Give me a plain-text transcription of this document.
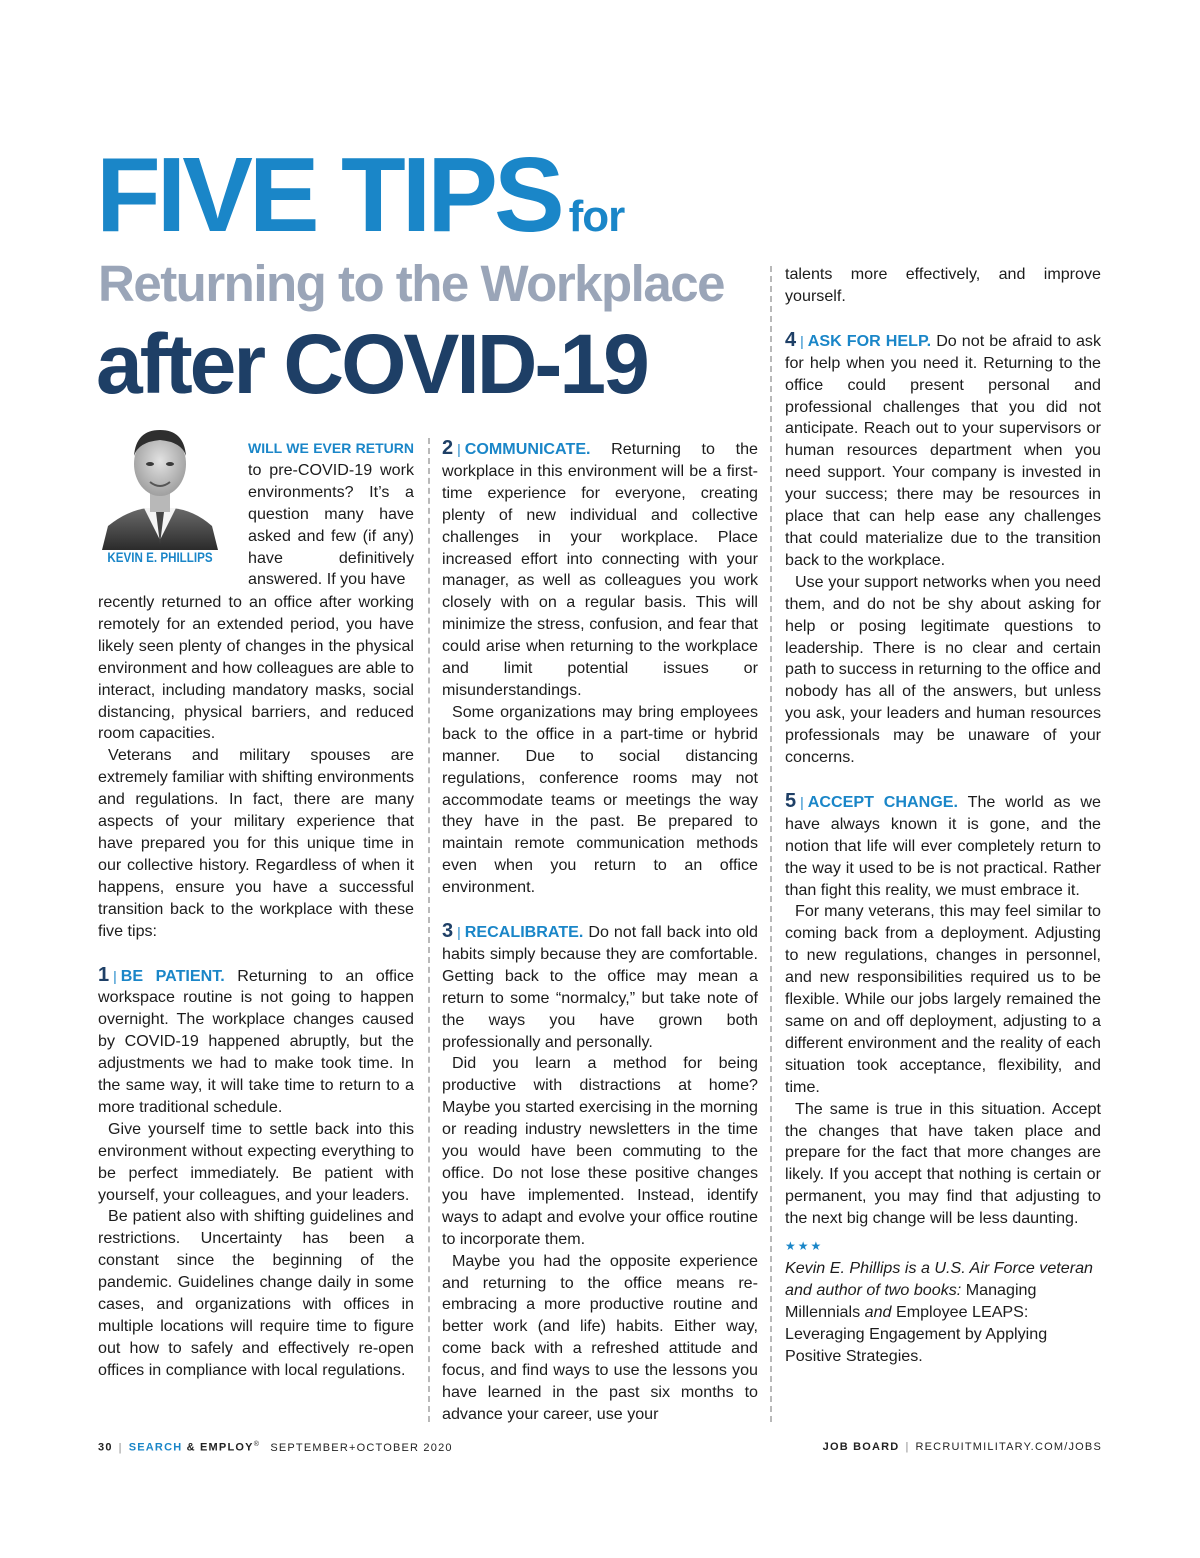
FIVE TIPS for
Returning to the Workplace
after COVID-19
KEVIN E. PHILLIPS
WILL WE EVER RETURN to pre-COVID-19 work environments? It’s a question many have asked and few (if any) have definitively answered. If you have

recently returned to an office after working remotely for an extended period, you have likely seen plenty of changes in the physical environment and how colleagues are able to interact, including mandatory masks, social distancing, physical barriers, and reduced room capacities.

Veterans and military spouses are extremely familiar with shifting environments and regulations. In fact, there are many aspects of your military experience that have prepared you for this unique time in our collective history. Regardless of when it happens, ensure you have a successful transition back to the workplace with these five tips:

1 | BE PATIENT. Returning to an office workspace routine is not going to happen overnight. The workplace changes caused by COVID-19 happened abruptly, but the adjustments we had to make took time. In the same way, it will take time to return to a more traditional schedule.

Give yourself time to settle back into this environment without expecting everything to be perfect immediately. Be patient with yourself, your colleagues, and your leaders.

Be patient also with shifting guidelines and restrictions. Uncertainty has been a constant since the beginning of the pandemic. Guidelines change daily in some cases, and organizations with offices in multiple locations will require time to figure out how to safely and effectively re-open offices in compliance with local regulations.

2 | COMMUNICATE. Returning to the workplace in this environment will be a first-time experience for everyone, creating plenty of new individual and collective challenges in your workplace. Place increased effort into connecting with your manager, as well as colleagues you work closely with on a regular basis. This will minimize the stress, confusion, and fear that could arise when returning to the workplace and limit potential issues or misunderstandings.

Some organizations may bring employees back to the office in a part-time or hybrid manner. Due to social distancing regulations, conference rooms may not accommodate teams or meetings the way they have in the past. Be prepared to maintain remote communication methods even when you return to an office environment.

3 | RECALIBRATE. Do not fall back into old habits simply because they are comfortable. Getting back to the office may mean a return to some “normalcy,” but take note of the ways you have grown both professionally and personally.

Did you learn a method for being productive with distractions at home? Maybe you started exercising in the morning or reading industry newsletters in the time you would have been commuting to the office. Do not lose these positive changes you have implemented. Instead, identify ways to adapt and evolve your office routine to incorporate them.

Maybe you had the opposite experience and returning to the office means re-embracing a more productive routine and better work (and life) habits. Either way, come back with a refreshed attitude and focus, and find ways to use the lessons you have learned in the past six months to advance your career, use your

talents more effectively, and improve yourself.

4 | ASK FOR HELP. Do not be afraid to ask for help when you need it. Returning to the office could present personal and professional challenges that you did not anticipate. Reach out to your supervisors or human resources department when you need support. Your company is invested in your success; there may be resources in place that can help ease any challenges that could materialize due to the transition back to the workplace.

Use your support networks when you need them, and do not be shy about asking for help or posing legitimate questions to leadership. There is no clear and certain path to success in returning to the office and nobody has all of the answers, but unless you ask, your leaders and human resources professionals may be unaware of your concerns.

5 | ACCEPT CHANGE. The world as we have always known it is gone, and the notion that life will ever completely return to the way it used to be is not practical. Rather than fight this reality, we must embrace it.

For many veterans, this may feel similar to coming back from a deployment. Adjusting to new regulations, changes in personnel, and new responsibilities required us to be flexible. While our jobs largely remained the same on and off deployment, adjusting to a different environment and the reality of each situation took acceptance, flexibility, and time.

The same is true in this situation. Accept the changes that have taken place and prepare for the fact that more changes are likely. If you accept that nothing is certain or permanent, you may find that adjusting to the next big change will be less daunting.

★★★

Kevin E. Phillips is a U.S. Air Force veteran and author of two books: Managing Millennials and Employee LEAPS: Leveraging Engagement by Applying Positive Strategies.

30 | SEARCH & EMPLOY® SEPTEMBER+OCTOBER 2020	JOB BOARD | RECRUITMILITARY.COM/JOBS
